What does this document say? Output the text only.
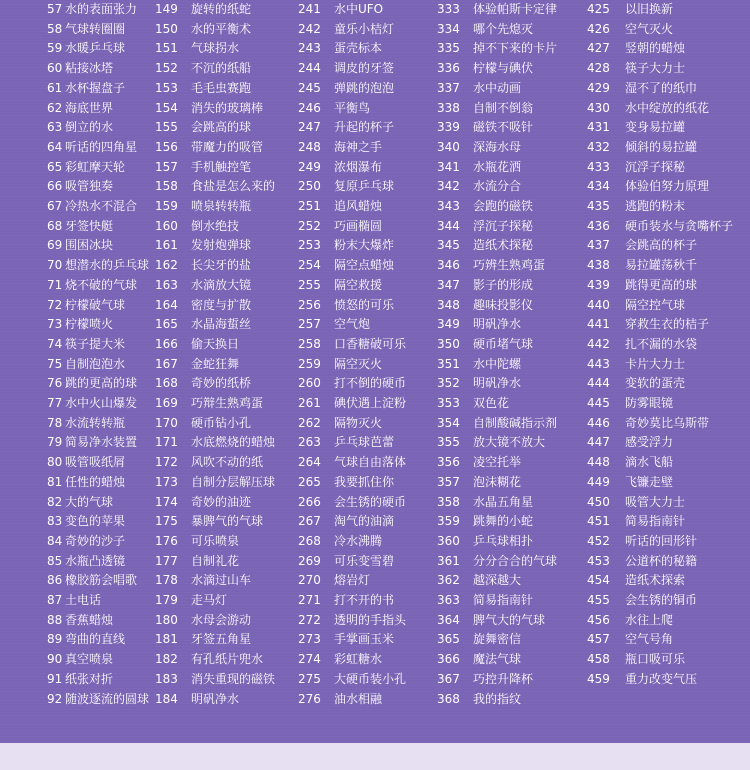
57 水的表面张力
58 气球转圈圈
59 水暖乒乓球
60 粘接冰塔
61 水杯握盘子
62 海底世界
63 倒立的水
64 听话的四角星
65 彩虹摩天轮
66 吸管独奏
67 冷热水不混合
68 牙签快艇
69 围困冰块
70 想潜水的乒乓球
71 烧不破的气球
72 柠檬破气球
73 柠檬喷火
74 筷子提大米
75 自制泡泡水
76 跳的更高的球
77 水中火山爆发
78 水流转转瓶
79 简易净水装置
80 吸管吸纸屑
81 任性的蜡烛
82 大的气球
83 变色的苹果
84 奇妙的沙子
85 水瓶凸透镜
86 橡胶筋会唱歌
87 土电话
88 香蕉蜡烛
89 弯曲的直线
90 真空喷泉
91 纸张对折
92 随波逐流的圆球
149 旋转的纸蛇
150 水的平衡术
151 气球拐水
152 不沉的纸船
153 毛毛虫赛跑
154 消失的玻璃棒
155 会跳高的球
156 带魔力的吸管
157 手机触控笔
158 食盐是怎么来的
159 喷泉转转瓶
160 倒水绝技
161 发射炮弹球
162 长尖牙的盐
163 水滴放大镜
164 密度与扩散
165 水晶海蜇丝
166 偷天换日
167 金蛇狂舞
168 奇妙的纸桥
169 巧辩生熟鸡蛋
170 硬币钻小孔
171 水底燃烧的蜡烛
172 风吹不动的纸
173 自制分层解压球
174 奇妙的油迹
175 暴脾气的气球
176 可乐喷泉
177 自制礼花
178 水滴过山车
179 走马灯
180 水母会游动
181 牙签五角星
182 有孔纸片兜水
183 消失重现的磁铁
184 明矾净水
241 水中UFO
242 童乐小桔灯
243 蛋壳标本
244 调皮的牙签
245 弹跳的泡泡
246 平衡鸟
247 升起的杯子
248 海神之手
249 浓烟瀑布
250 复原乒乓球
251 追风蜡烛
252 巧画椭圆
253 粉末大爆炸
254 隔空点蜡烛
255 隔空救援
256 愤怒的可乐
257 空气炮
258 口香糖破可乐
259 隔空灭火
260 打不倒的硬币
261 碘伏遇上淀粉
262 隔物灭火
263 乒乓球芭蕾
264 气球自由落体
265 我要抓住你
266 会生锈的硬币
267 淘气的油滴
268 冷水沸腾
269 可乐变雪碧
270 熔岩灯
271 打不开的书
272 透明的手指头
273 手掌画玉米
274 彩虹糖水
275 大硬币装小孔
276 油水相融
333 体验帕斯卡定律
334 哪个先熄灭
335 掉不下来的卡片
336 柠檬与碘伏
337 水中动画
338 自制不倒翁
339 磁铁不吸针
340 深海水母
341 水瓶花洒
342 水流分合
343 会跑的磁铁
344 浮沉子探秘
345 造纸术探秘
346 巧辨生熟鸡蛋
347 影子的形成
348 趣味投影仪
349 明矾净水
350 硬币堵气球
351 水中陀螺
352 明矾净水
353 双色花
354 自制酸碱指示剂
355 放大镜不放大
356 凌空托举
357 泡沫糊花
358 水晶五角星
359 跳舞的小蛇
360 乒乓球相扑
361 分分合合的气球
362 越深越大
363 简易指南针
364 脾气大的气球
365 旋舞密信
366 魔法气球
367 巧控升降杯
368 我的指纹
425 以旧换新
426 空气灭火
427 竖朝的蜡烛
428 筷子大力士
429 湿不了的纸巾
430 水中绽放的纸花
431 变身易拉罐
432 倾斜的易拉罐
433 沉浮子探秘
434 体验伯努力原理
435 逃跑的粉末
436 硬币装水与贪嘴杯子
437 会跳高的杯子
438 易拉罐荡秋千
439 跳得更高的球
440 隔空控气球
441 穿救生衣的桔子
442 扎不漏的水袋
443 卡片大力士
444 变软的蛋壳
445 防雾眼镜
446 奇妙莫比乌斯带
447 感受浮力
448 滴水飞船
449 飞镰走壁
450 吸管大力士
451 简易指南针
452 听话的回形针
453 公道杯的秘籍
454 造纸术探索
455 会生锈的铜币
456 水往上爬
457 空气号角
458 瓶口吸可乐
459 重力改变气压
